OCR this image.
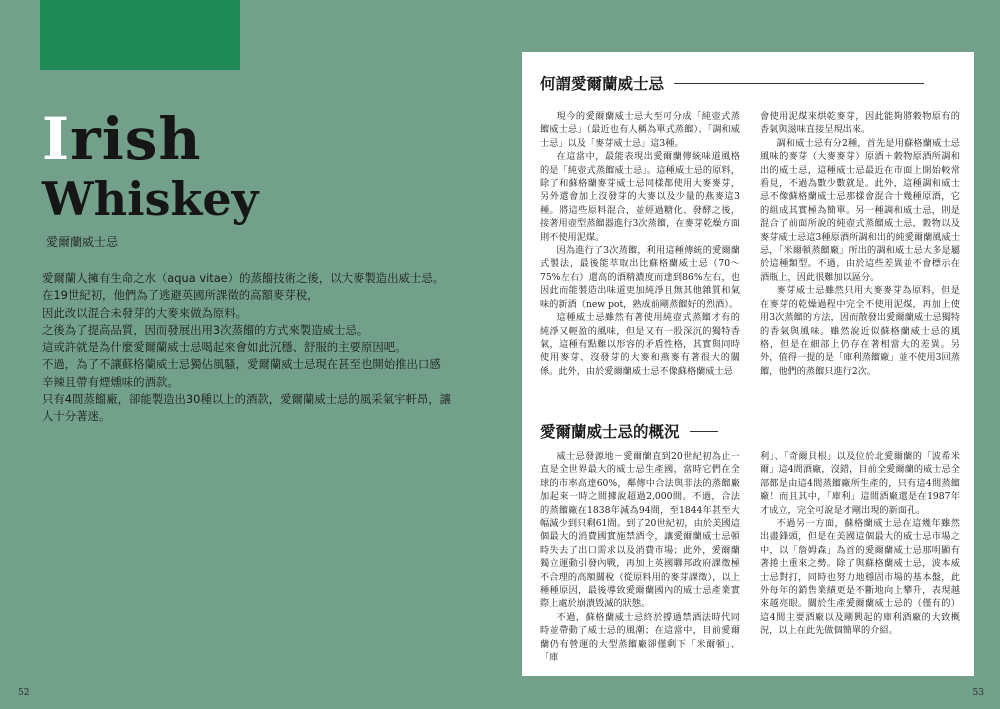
Irish
Whiskey
愛爾蘭威士忌

愛爾蘭人擁有生命之水（aqua vitae）的蒸餾技術之後，以大麥製造出威士忌。

在19世紀初，他們為了逃避英國所課徵的高額麥芽稅，

因此改以混合未發芽的大麥來做為原料。

之後為了提高品質，因而發展出用3次蒸餾的方式來製造威士忌。

這或許就是為什麼愛爾蘭威士忌喝起來會如此沉穩、舒服的主要原因吧。

不過，為了不讓蘇格蘭威士忌獨佔風騷，愛爾蘭威士忌現在甚至也開始推出口感辛辣且帶有煙燻味的酒款。

只有4間蒸餾廠，卻能製造出30種以上的酒款，愛爾蘭威士忌的風采氣宇軒昂，讓人十分著迷。

52	53
何謂愛爾蘭威士忌

現今的愛爾蘭威士忌大至可分成「純壺式蒸餾威士忌」（最近也有人稱為單式蒸餾）、「調和威士忌」以及「麥芽威士忌」這3種。

在這當中，最能表現出愛爾蘭傳統味道風格的是「純壺式蒸餾威士忌」。這種威士忌的原料，除了和蘇格蘭麥芽威士忌同樣都使用大麥麥芽，另外還會加上沒發芽的大麥以及少量的燕麥這3種。將這些原料混合，並經過糖化、發酵之後，接著用壺型蒸餾器進行3次蒸餾，在麥芽乾燥方面則不使用泥煤。

因為進行了3次蒸餾，利用這種傳統的愛爾蘭式製法，最後能萃取出比蘇格蘭威士忌（70～75%左右）還高的酒精濃度而達到86%左右，也因此而能製造出味道更加純淨且無其他雜質和氣味的新酒（new pot，熟成前剛蒸餾好的烈酒）。

這種威士忌雖然有著使用純壺式蒸餾才有的純淨又輕盈的風味，但是又有一股深沉的獨特香氣，這種有點難以形容的矛盾性格，其實與同時使用麥芽、沒發芽的大麥和燕麥有著很大的關係。此外，由於愛爾蘭威士忌不像蘇格蘭威士忌

會使用泥煤來烘乾麥芽，因此能夠將穀物原有的香氣與滋味直接呈現出來。

調和威士忌有分2種，首先是用蘇格蘭威士忌風味的麥芽（大麥麥芽）原酒＋穀物原酒所調和出的威士忌，這種威士忌最近在市面上開始較常看見，不過為數少數就是。此外，這種調和威士忌不像蘇格蘭威士忌那樣會混合十幾種原酒，它的組成其實極為簡單。另一種調和威士忌，則是混合了前面所說的純壺式蒸餾威士忌，穀物以及麥芽威士忌這3種原酒所調和出的純愛爾蘭風威士忌，「米爾頓蒸餾廠」所出的調和威士忌大多是屬於這種類型。不過，由於這些差異並不會標示在酒瓶上，因此很難加以區分。

麥芽威士忌雖然只用大麥麥芽為原料，但是在麥芽的乾燥過程中完全不使用泥煤，再加上使用3次蒸餾的方法，因而散發出愛爾蘭威士忌獨特的香氣與風味。雖然說近似蘇格蘭威士忌的風格，但是在細部上仍存在著相當大的差異。另外，值得一提的是「庫利蒸餾廠」並不使用3回蒸餾，他們的蒸餾只進行2次。

愛爾蘭威士忌的概況

威士忌發源地－愛爾蘭直到20世紀初為止一直是全世界最大的威士忌生產國，當時它們在全球的市率高達60%，鄰傳中合法與非法的蒸餾廠加起來一時之間據說超過2,000間。不過，合法的蒸餾廠在1838年減為94間，至1844年甚至大幅減少到只剩61間。到了20世紀初，由於美國這個最大的消費國實施禁酒令，讓愛爾蘭威士忌頓時失去了出口需求以及消費市場；此外，愛爾蘭獨立運動引發內戰，再加上英國聯邦政府課徵極不合理的高額關稅（從原料用的麥芽課徵），以上種種原因，最後導致愛爾蘭國內的威士忌產業實際上處於崩潰毀滅的狀態。

不過，蘇格蘭威士忌終於撐過禁酒法時代同時並帶動了威士忌的風潮；在這當中，目前愛爾蘭仍有營運的大型蒸餾廠卻僅剩下「米爾頓」、「庫

利」、「奇爾貝根」以及位於北愛爾蘭的「波希米爾」這4間酒廠，沒錯，目前全愛爾蘭的威士忌全部都是由這4間蒸餾廠所生產的，只有這4間蒸餾廠！而且其中，「庫利」這間酒廠還是在1987年才成立，完全可說是才剛出現的新面孔。

不過另一方面，蘇格蘭威士忌在這幾年雖然出盡鋒頭，但是在美國這個最大的威士忌市場之中，以「詹姆森」為首的愛爾蘭威士忌那明顯有著捲土重來之勢。除了與蘇格蘭威士忌，波本威士忌對打，同時也努力地穩固市場的基本盤，此外每年的銷售業績更是不斷地向上攀升，表現越來越亮眼。關於生產愛爾蘭威士忌的（僅有的）這4間主要酒廠以及剛興起的庫利酒廠的大致概況，以上在此先做個簡單的介紹。
